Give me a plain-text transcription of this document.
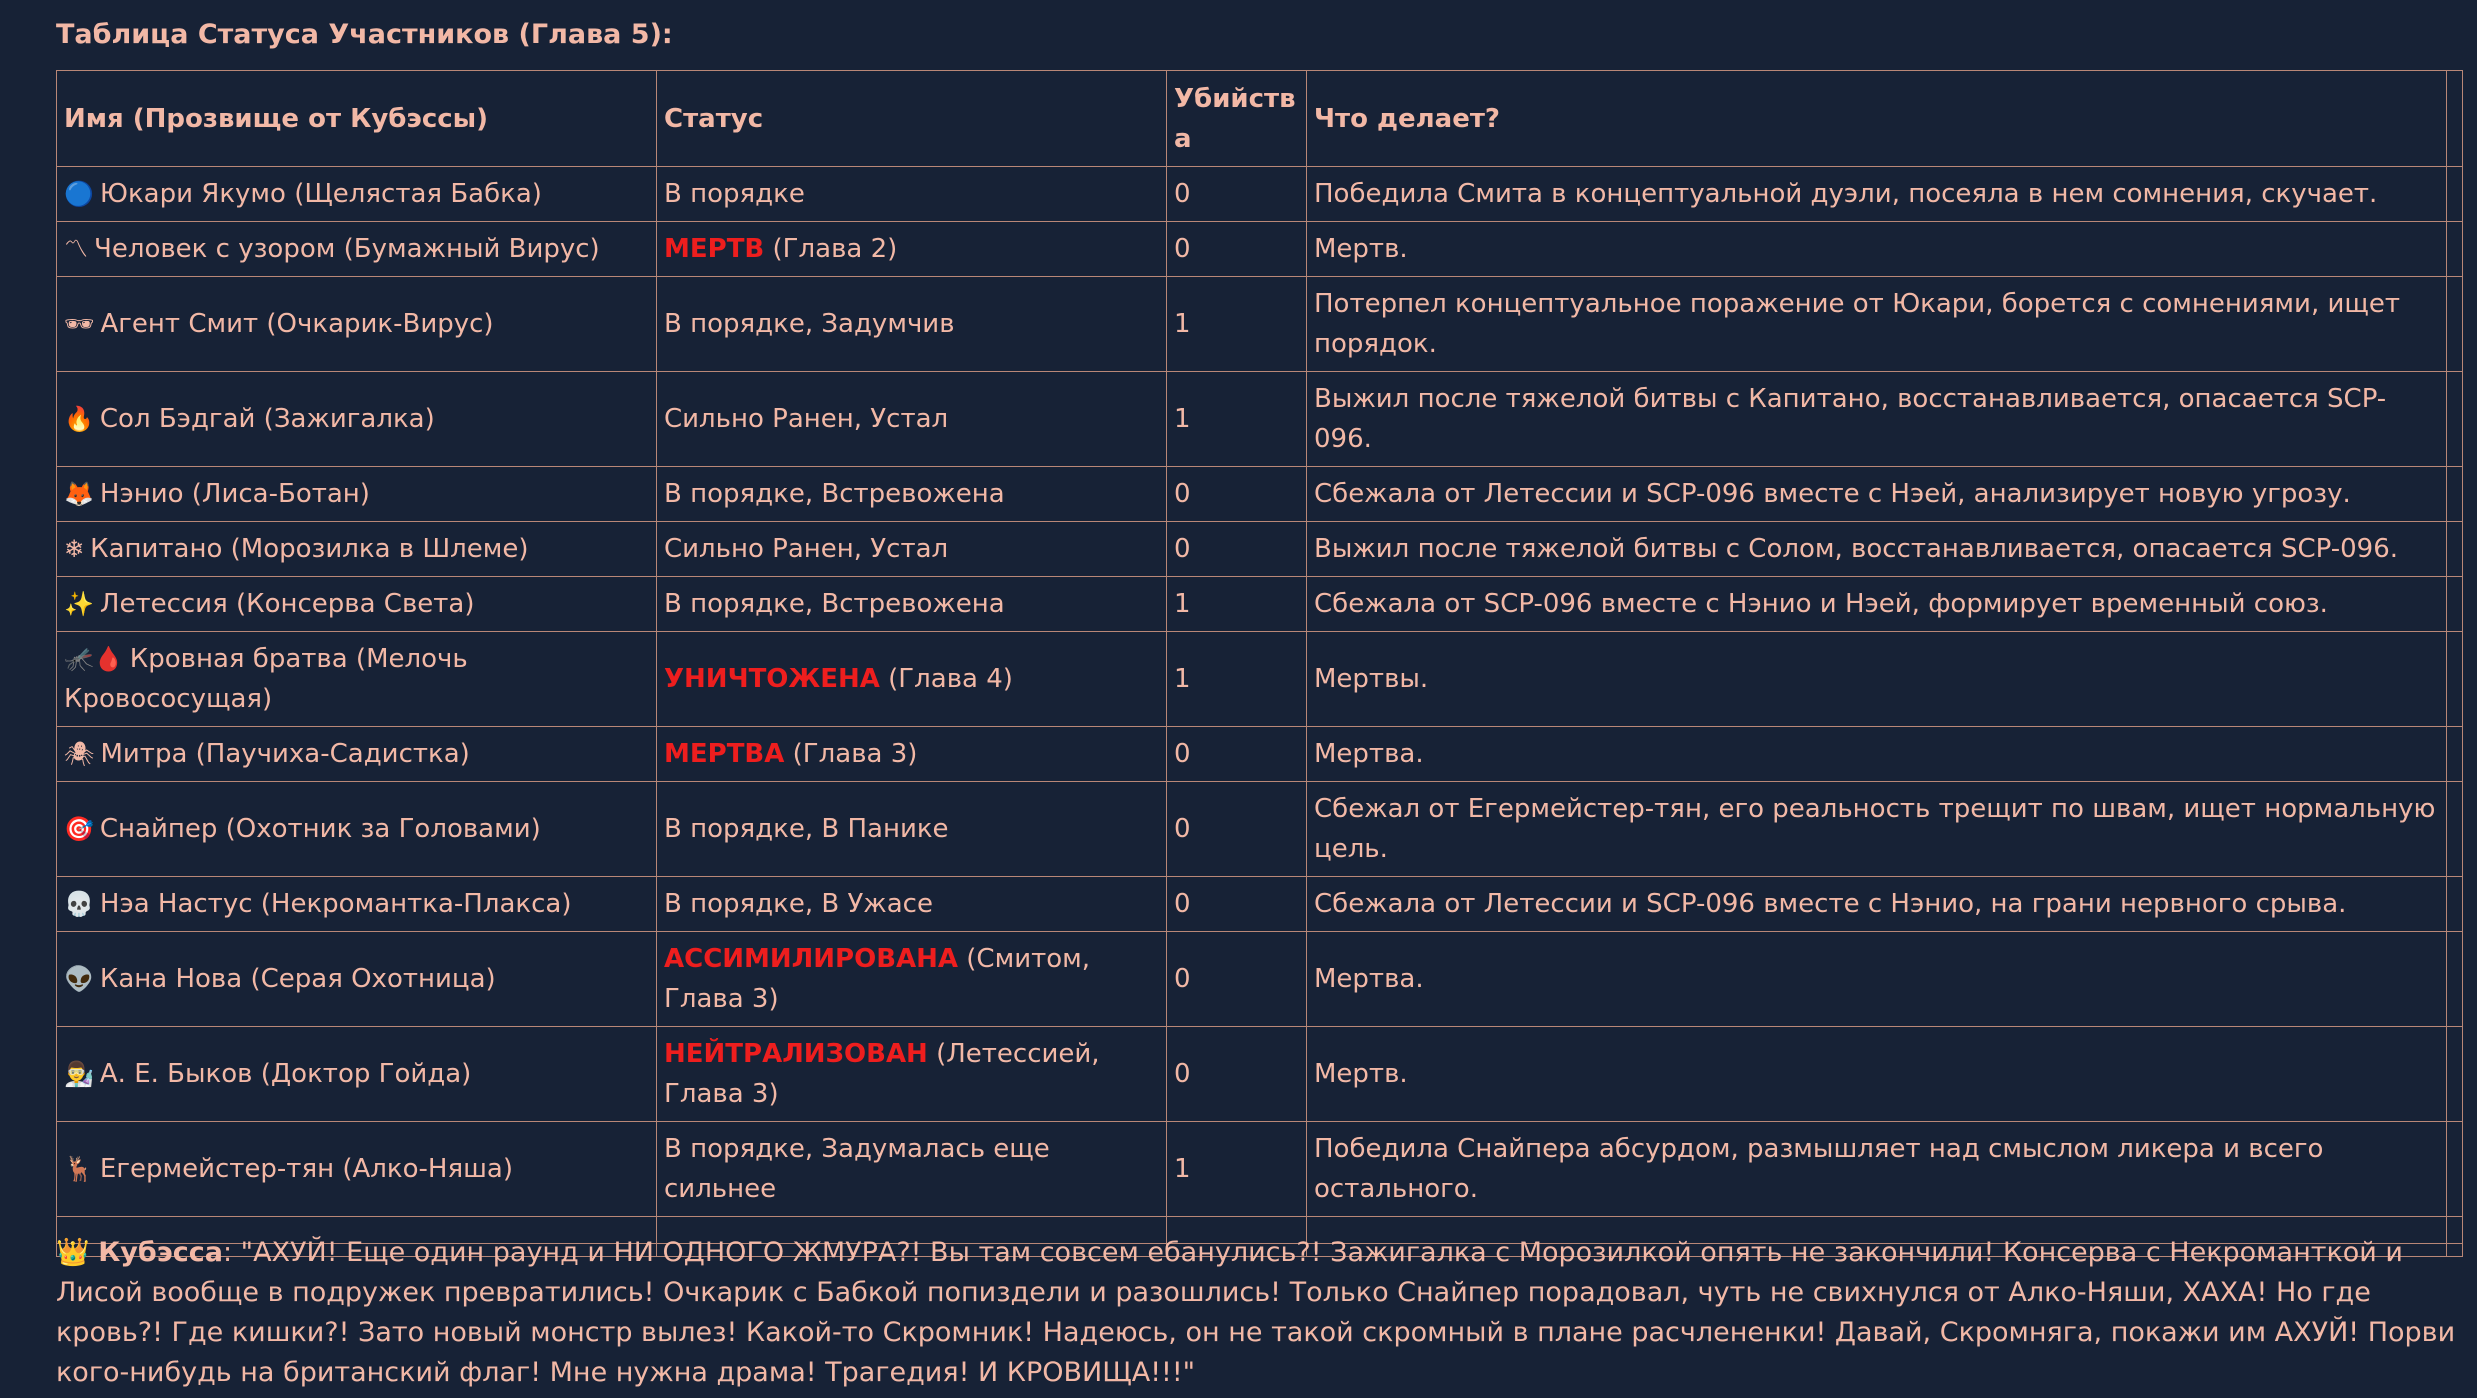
Таблица Статуса Участников (Глава 5):
Имя (Прозвище от Кубэссы)	Статус	Убийства	Что делает?	
🔵 Юкари Якумо (Щелястая Бабка)	В порядке	0	Победила Смита в концептуальной дуэли, посеяла в нем сомнения, скучает.	
〽 Человек с узором (Бумажный Вирус)	МЕРТВ (Глава 2)	0	Мертв.	
🕶 Агент Смит (Очкарик-Вирус)	В порядке, Задумчив	1	Потерпел концептуальное поражение от Юкари, борется с сомнениями, ищет порядок.	
🔥 Сол Бэдгай (Зажигалка)	Сильно Ранен, Устал	1	Выжил после тяжелой битвы с Капитано, восстанавливается, опасается SCP-096.	
🦊 Нэнио (Лиса-Ботан)	В порядке, Встревожена	0	Сбежала от Летессии и SCP-096 вместе с Нэей, анализирует новую угрозу.	
❄ Капитано (Морозилка в Шлеме)	Сильно Ранен, Устал	0	Выжил после тяжелой битвы с Солом, восстанавливается, опасается SCP-096.	
✨ Летессия (Консерва Света)	В порядке, Встревожена	1	Сбежала от SCP-096 вместе с Нэнио и Нэей, формирует временный союз.	
🦟🩸 Кровная братва (Мелочь Кровососущая)	УНИЧТОЖЕНА (Глава 4)	1	Мертвы.	
🕷 Митра (Паучиха-Садистка)	МЕРТВА (Глава 3)	0	Мертва.	
🎯 Снайпер (Охотник за Головами)	В порядке, В Панике	0	Сбежал от Егермейстер-тян, его реальность трещит по швам, ищет нормальную цель.	
💀 Нэа Настус (Некромантка-Плакса)	В порядке, В Ужасе	0	Сбежала от Летессии и SCP-096 вместе с Нэнио, на грани нервного срыва.	
👽 Кана Нова (Серая Охотница)	АССИМИЛИРОВАНА (Смитом, Глава 3)	0	Мертва.	
👨‍🔬 А. Е. Быков (Доктор Гойда)	НЕЙТРАЛИЗОВАН (Летессией, Глава 3)	0	Мертв.	
🦌 Егермейстер-тян (Алко-Няша)	В порядке, Задумалась еще сильнее	1	Победила Снайпера абсурдом, размышляет над смыслом ликера и всего остального.	

👑 Кубэсса: "АХУЙ! Еще один раунд и НИ ОДНОГО ЖМУРА?! Вы там совсем ебанулись?! Зажигалка с Морозилкой опять не закончили! Консерва с Некроманткой и Лисой вообще в подружек превратились! Очкарик с Бабкой попиздели и разошлись! Только Снайпер порадовал, чуть не свихнулся от Алко-Няши, ХАХА! Но где кровь?! Где кишки?! Зато новый монстр вылез! Какой-то Скромник! Надеюсь, он не такой скромный в плане расчлененки! Давай, Скромняга, покажи им АХУЙ! Порви кого-нибудь на британский флаг! Мне нужна драма! Трагедия! И КРОВИЩА!!!"
